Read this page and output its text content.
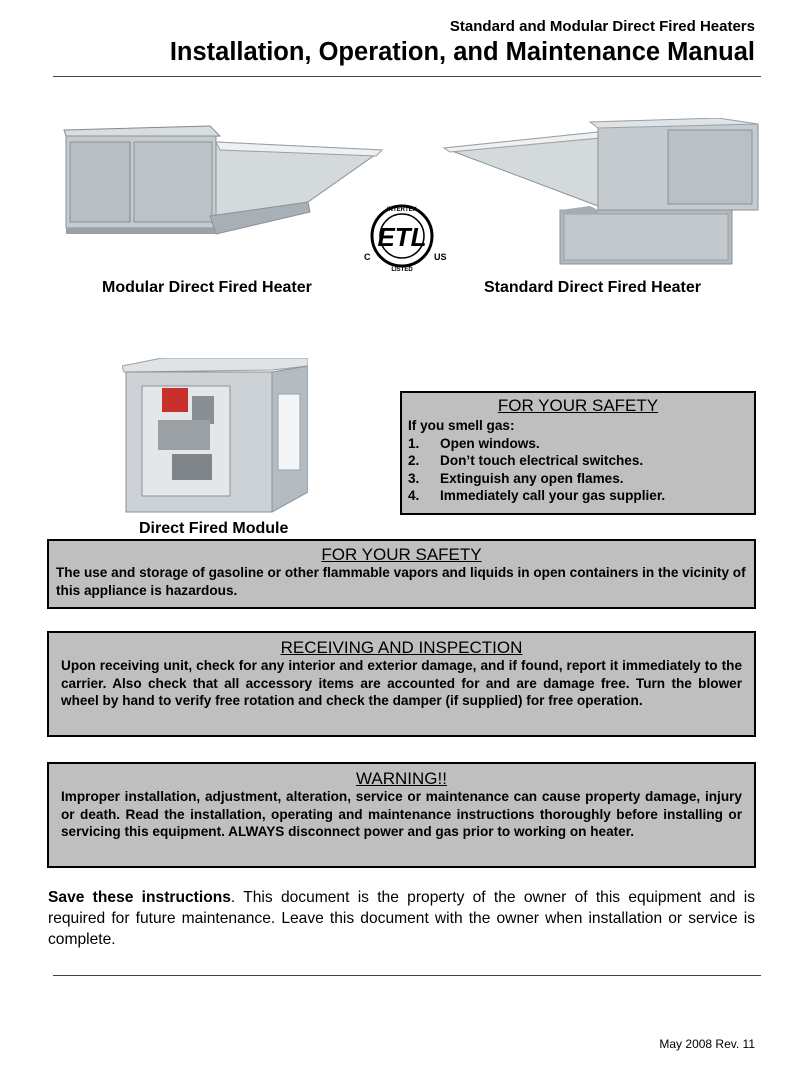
Standard and Modular Direct Fired Heaters
Installation, Operation, and Maintenance Manual
Modular Direct Fired Heater
INTERTEK
ETL
C	US
LISTED
Standard Direct Fired Heater
Direct Fired Module
FOR YOUR SAFETY
If you smell gas:
1. Open windows.
2. Don’t touch electrical switches.
3. Extinguish any open flames.
4. Immediately call your gas supplier.
FOR YOUR SAFETY
The use and storage of gasoline or other flammable vapors and liquids in open containers in the vicinity of this appliance is hazardous.
RECEIVING AND INSPECTION
Upon receiving unit, check for any interior and exterior damage, and if found, report it immediately to the carrier. Also check that all accessory items are accounted for and are damage free. Turn the blower wheel by hand to verify free rotation and check the damper (if supplied) for free operation.
WARNING!!
Improper installation, adjustment, alteration, service or maintenance can cause property damage, injury or death. Read the installation, operating and maintenance instructions thoroughly before installing or servicing this equipment. ALWAYS disconnect power and gas prior to working on heater.
Save these instructions. This document is the property of the owner of this equipment and is required for future maintenance. Leave this document with the owner when installation or service is complete.
May 2008 Rev. 11
